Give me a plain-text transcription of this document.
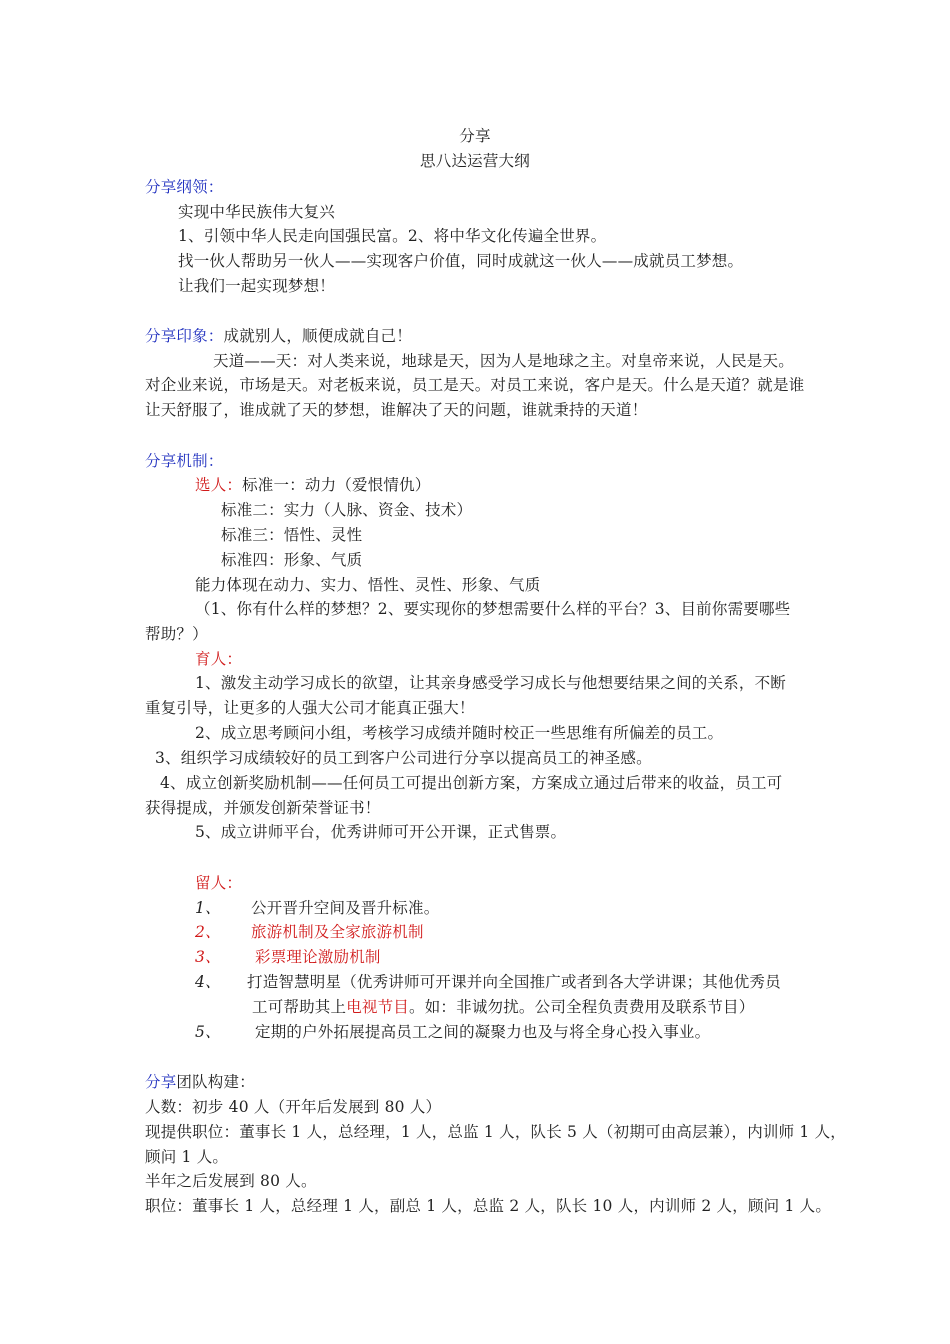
分享
思八达运营大纲
分享纲领：
实现中华民族伟大复兴
1、引领中华人民走向国强民富。2、将中华文化传遍全世界。
找一伙人帮助另一伙人——实现客户价值，同时成就这一伙人——成就员工梦想。
让我们一起实现梦想！
分享印象：成就别人，顺便成就自己！
天道——天：对人类来说，地球是天，因为人是地球之主。对皇帝来说，人民是天。
对企业来说，市场是天。对老板来说，员工是天。对员工来说，客户是天。什么是天道？就是谁
让天舒服了，谁成就了天的梦想，谁解决了天的问题，谁就秉持的天道！
分享机制：
选人：标准一：动力（爱恨情仇）
标准二：实力（人脉、资金、技术）
标准三：悟性、灵性
标准四：形象、气质
能力体现在动力、实力、悟性、灵性、形象、气质
（1、你有什么样的梦想？2、要实现你的梦想需要什么样的平台？3、目前你需要哪些
帮助？）
育人：
1、激发主动学习成长的欲望，让其亲身感受学习成长与他想要结果之间的关系，不断
重复引导，让更多的人强大公司才能真正强大！
2、成立思考顾问小组，考核学习成绩并随时校正一些思维有所偏差的员工。
3、组织学习成绩较好的员工到客户公司进行分享以提高员工的神圣感。
4、成立创新奖励机制——任何员工可提出创新方案，方案成立通过后带来的收益，员工可
获得提成，并颁发创新荣誉证书！
5、成立讲师平台，优秀讲师可开公开课，正式售票。
留人：
1、 公开晋升空间及晋升标准。
2、 旅游机制及全家旅游机制
3、 彩票理论激励机制
4、 打造智慧明星（优秀讲师可开课并向全国推广或者到各大学讲课；其他优秀员
工可帮助其上电视节目。如：非诚勿扰。公司全程负责费用及联系节目）
5、 定期的户外拓展提高员工之间的凝聚力也及与将全身心投入事业。
分享团队构建：
人数：初步 40 人（开年后发展到 80 人）
现提供职位：董事长 1 人，总经理，1 人，总监 1 人，队长 5 人（初期可由高层兼），内训师 1 人，
顾问 1 人。
半年之后发展到 80 人。
职位：董事长 1 人，总经理 1 人，副总 1 人，总监 2 人，队长 10 人，内训师 2 人，顾问 1 人。
